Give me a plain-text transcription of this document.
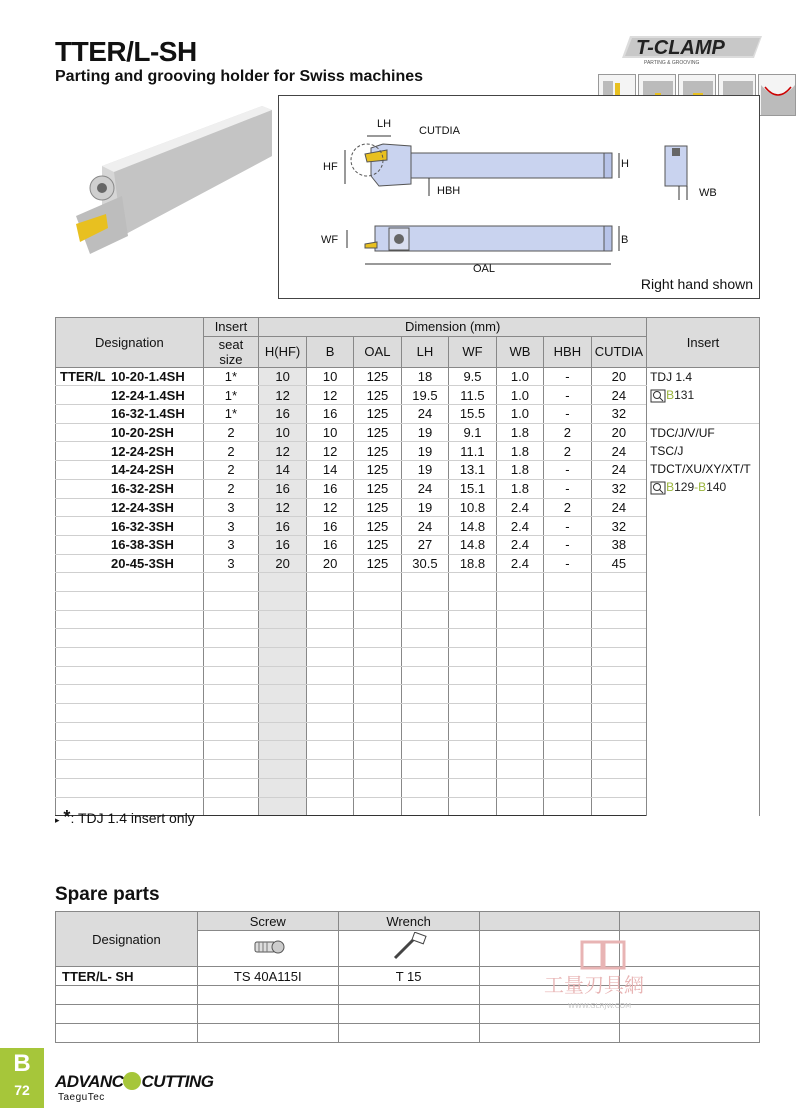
TTER/L-SH
Parting and grooving holder for Swiss machines
T-CLAMP
PARTING & GROOVING
LH
CUTDIA
HF	H
HBH	WB
WF	B
OAL
Right hand shown
Designation	Insert	Dimension (mm)								Insert
	seat size	H(HF)	B	OAL	LH	WF	WB	HBH	CUTDIA	
TTER/L 10-20-1.4SH	1*	10	10	125	18	9.5	1.0	-	20	TDJ 1.4
B131

12-24-1.4SH	1*	12	12	125	19.5	11.5	1.0	-	24	
16-32-1.4SH	1*	16	16	125	24	15.5	1.0	-	32	
10-20-2SH	2	10	10	125	19	9.1	1.8	2	20	TDC/J/V/UF
TSC/J
TDCT/XU/XY/XT/T
B129-B140

12-24-2SH	2	12	12	125	19	11.1	1.8	2	24	
14-24-2SH	2	14	14	125	19	13.1	1.8	-	24	
16-32-2SH	2	16	16	125	24	15.1	1.8	-	32	
12-24-3SH	3	12	12	125	19	10.8	2.4	2	24	
16-32-3SH	3	16	16	125	24	14.8	2.4	-	32	
16-38-3SH	3	16	16	125	27	14.8	2.4	-	38	
20-45-3SH	3	20	20	125	30.5	18.8	2.4	-	45	

▸ *: TDJ 1.4 insert only
Spare parts
Designation	Screw	Wrench		

TTER/L- SH	TS 40A115I	T 15		

					工量刃具網
WWW.GLRJW.COM
B
72	ADVANC CUTTING
TaeguTec
